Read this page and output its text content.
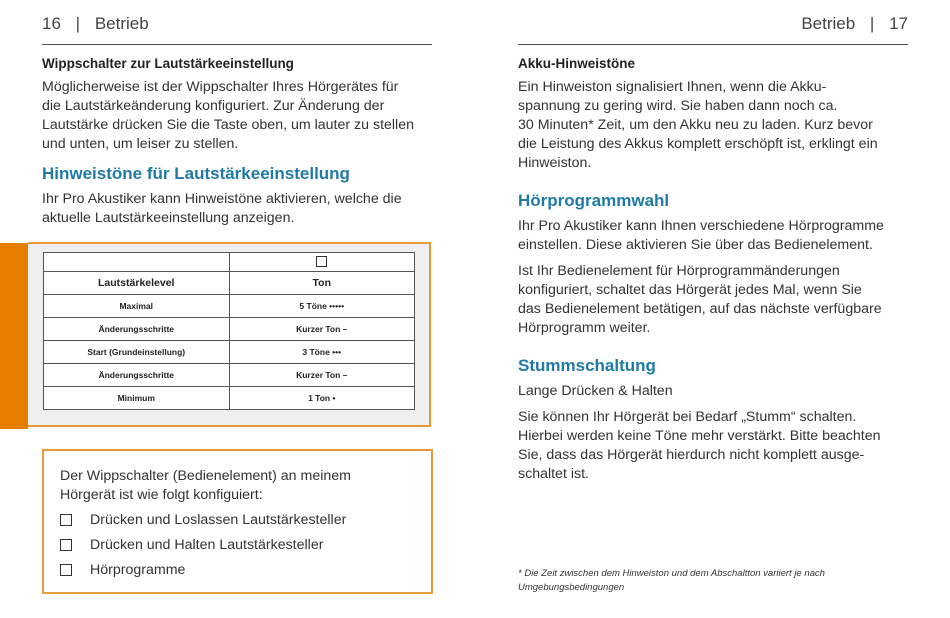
16 | Betrieb	Betrieb | 17
Wippschalter zur Lautstärkeeinstellung
Möglicherweise ist der Wippschalter Ihres Hörgerätes für
die Lautstärkeänderung konfiguriert. Zur Änderung der
Lautstärke drücken Sie die Taste oben, um lauter zu stellen
und unten, um leiser zu stellen.
Hinweistöne für Lautstärkeeinstellung
Ihr Pro Akustiker kann Hinweistöne aktivieren, welche die
aktuelle Lautstärkeeinstellung anzeigen.

Lautstärkelevel	Ton
Maximal	5 Töne •••••
Änderungsschritte	Kurzer Ton –
Start (Grundeinstellung)	3 Töne •••
Änderungsschritte	Kurzer Ton –
Minimum	1 Ton •
Der Wippschalter (Bedienelement) an meinem
Hörgerät ist wie folgt konfiguiert:
Drücken und Loslassen Lautstärkesteller
Drücken und Halten Lautstärkesteller
Hörprogramme
Akku-Hinweistöne
Ein Hinweiston signalisiert Ihnen, wenn die Akku-
spannung zu gering wird. Sie haben dann noch ca.
30 Minuten* Zeit, um den Akku neu zu laden. Kurz bevor
die Leistung des Akkus komplett erschöpft ist, erklingt ein
Hinweiston.
Hörprogrammwahl
Ihr Pro Akustiker kann Ihnen verschiedene Hörprogramme
einstellen. Diese aktivieren Sie über das Bedienelement.
Ist Ihr Bedienelement für Hörprogrammänderungen
konfiguriert, schaltet das Hörgerät jedes Mal, wenn Sie
das Bedienelement betätigen, auf das nächste verfügbare
Hörprogramm weiter.
Stummschaltung
Lange Drücken & Halten
Sie können Ihr Hörgerät bei Bedarf „Stumm“ schalten.
Hierbei werden keine Töne mehr verstärkt. Bitte beachten
Sie, dass das Hörgerät hierdurch nicht komplett ausge-
schaltet ist.
* Die Zeit zwischen dem Hinweiston und dem Abschaltton variiert je nach
Umgebungsbedingungen
